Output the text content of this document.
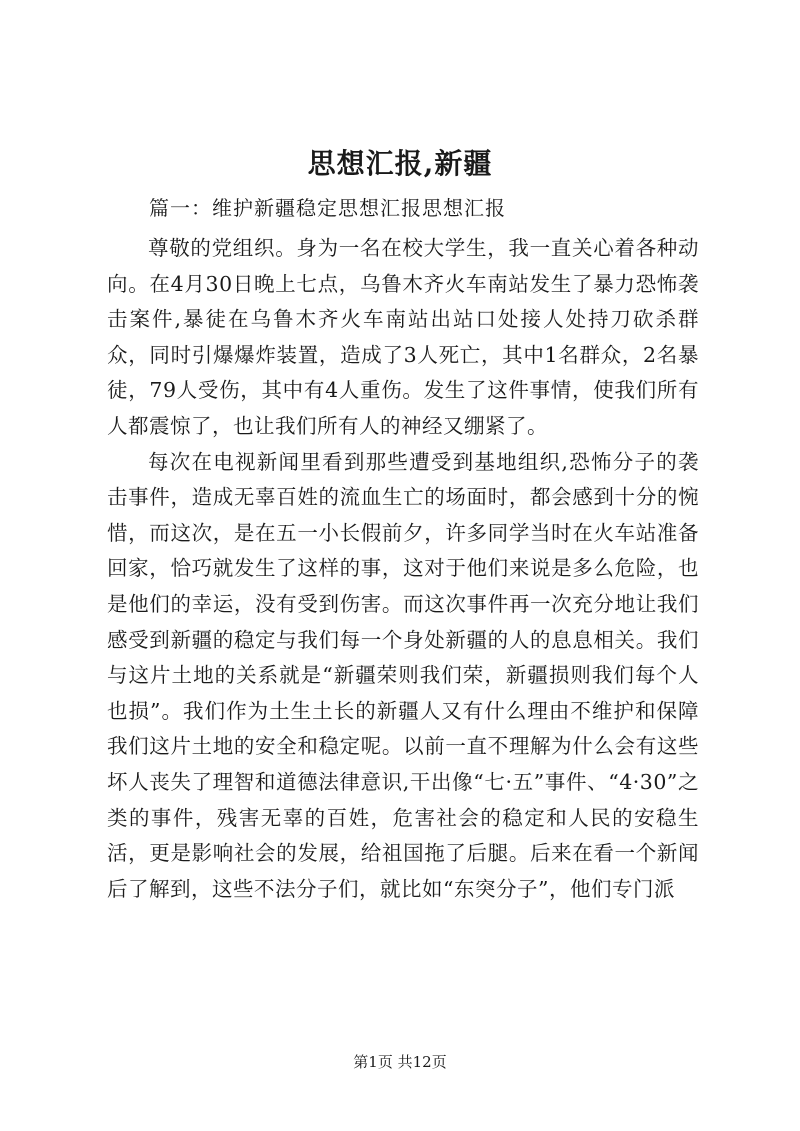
思想汇报,新疆
篇一：维护新疆稳定思想汇报思想汇报

尊敬的党组织。身为一名在校大学生，我一直关心着各种动向。在4月30日晚上七点，乌鲁木齐火车南站发生了暴力恐怖袭击案件,暴徒在乌鲁木齐火车南站出站口处接人处持刀砍杀群众，同时引爆爆炸装置，造成了3人死亡，其中1名群众，2名暴徒，79人受伤，其中有4人重伤。发生了这件事情，使我们所有人都震惊了，也让我们所有人的神经又绷紧了。

每次在电视新闻里看到那些遭受到基地组织,恐怖分子的袭击事件，造成无辜百姓的流血生亡的场面时，都会感到十分的惋惜，而这次，是在五一小长假前夕，许多同学当时在火车站准备回家，恰巧就发生了这样的事，这对于他们来说是多么危险，也是他们的幸运，没有受到伤害。而这次事件再一次充分地让我们感受到新疆的稳定与我们每一个身处新疆的人的息息相关。我们与这片土地的关系就是“新疆荣则我们荣，新疆损则我们每个人也损”。我们作为土生土长的新疆人又有什么理由不维护和保障我们这片土地的安全和稳定呢。以前一直不理解为什么会有这些坏人丧失了理智和道德法律意识,干出像“七·五”事件、“4·30”之类的事件，残害无辜的百姓，危害社会的稳定和人民的安稳生活，更是影响社会的发展，给祖国拖了后腿。后来在看一个新闻后了解到，这些不法分子们，就比如“东突分子”，他们专门派

第1页 共12页
